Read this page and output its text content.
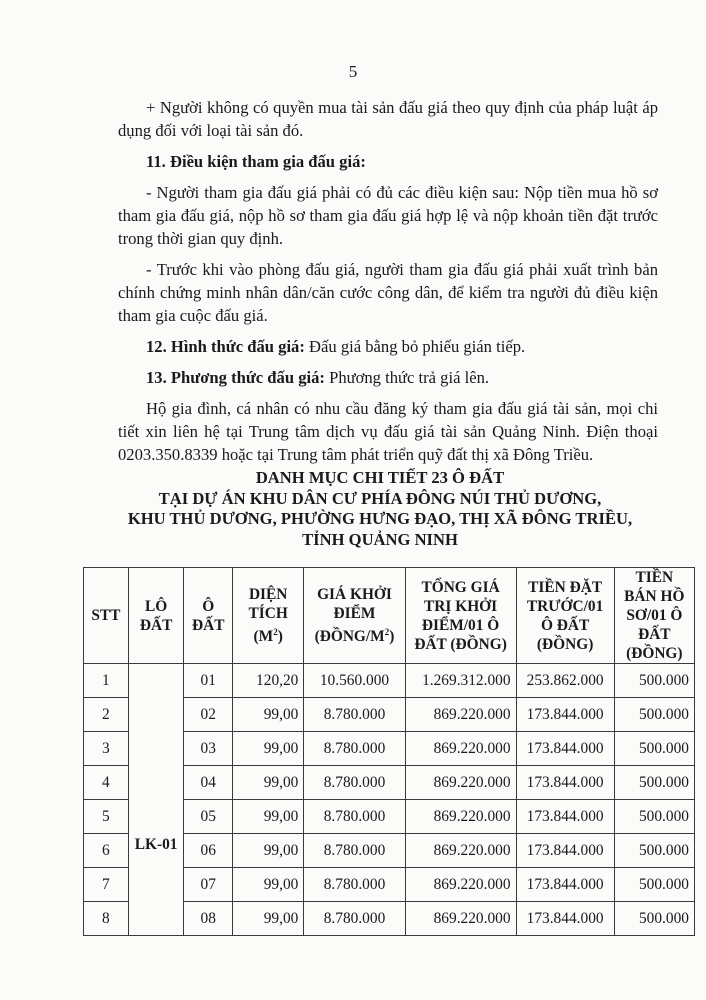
5

+ Người không có quyền mua tài sản đấu giá theo quy định của pháp luật áp dụng đối với loại tài sản đó.

11. Điều kiện tham gia đấu giá:

- Người tham gia đấu giá phải có đủ các điều kiện sau: Nộp tiền mua hồ sơ tham gia đấu giá, nộp hồ sơ tham gia đấu giá hợp lệ và nộp khoản tiền đặt trước trong thời gian quy định.

- Trước khi vào phòng đấu giá, người tham gia đấu giá phải xuất trình bản chính chứng minh nhân dân/căn cước công dân, để kiểm tra người đủ điều kiện tham gia cuộc đấu giá.

12. Hình thức đấu giá: Đấu giá bằng bỏ phiếu gián tiếp.

13. Phương thức đấu giá: Phương thức trả giá lên.

Hộ gia đình, cá nhân có nhu cầu đăng ký tham gia đấu giá tài sản, mọi chi tiết xin liên hệ tại Trung tâm dịch vụ đấu giá tài sản Quảng Ninh. Điện thoại 0203.350.8339 hoặc tại Trung tâm phát triển quỹ đất thị xã Đông Triều.

DANH MỤC CHI TIẾT 23 Ô ĐẤT
TẠI DỰ ÁN KHU DÂN CƯ PHÍA ĐÔNG NÚI THỦ DƯƠNG,
KHU THỦ DƯƠNG, PHƯỜNG HƯNG ĐẠO, THỊ XÃ ĐÔNG TRIỀU,
TỈNH QUẢNG NINH
STT	LÔ ĐẤT	Ô ĐẤT	DIỆN TÍCH $(M^2)$	GIÁ KHỞI ĐIỂM $(ĐỒNG/M^2)$	TỔNG GIÁ TRỊ KHỞI ĐIỂM/01 Ô ĐẤT (ĐỒNG)	TIỀN ĐẶT TRƯỚC/01 Ô ĐẤT (ĐỒNG)	TIỀN BÁN HỒ SƠ/01 Ô ĐẤT (ĐỒNG)
1	LK-01	01	120,20	10.560.000	1.269.312.000	253.862.000	500.000
2		02	99,00	8.780.000	869.220.000	173.844.000	500.000
3		03	99,00	8.780.000	869.220.000	173.844.000	500.000
4		04	99,00	8.780.000	869.220.000	173.844.000	500.000
5		05	99,00	8.780.000	869.220.000	173.844.000	500.000
6		06	99,00	8.780.000	869.220.000	173.844.000	500.000
7		07	99,00	8.780.000	869.220.000	173.844.000	500.000
8		08	99,00	8.780.000	869.220.000	173.844.000	500.000
